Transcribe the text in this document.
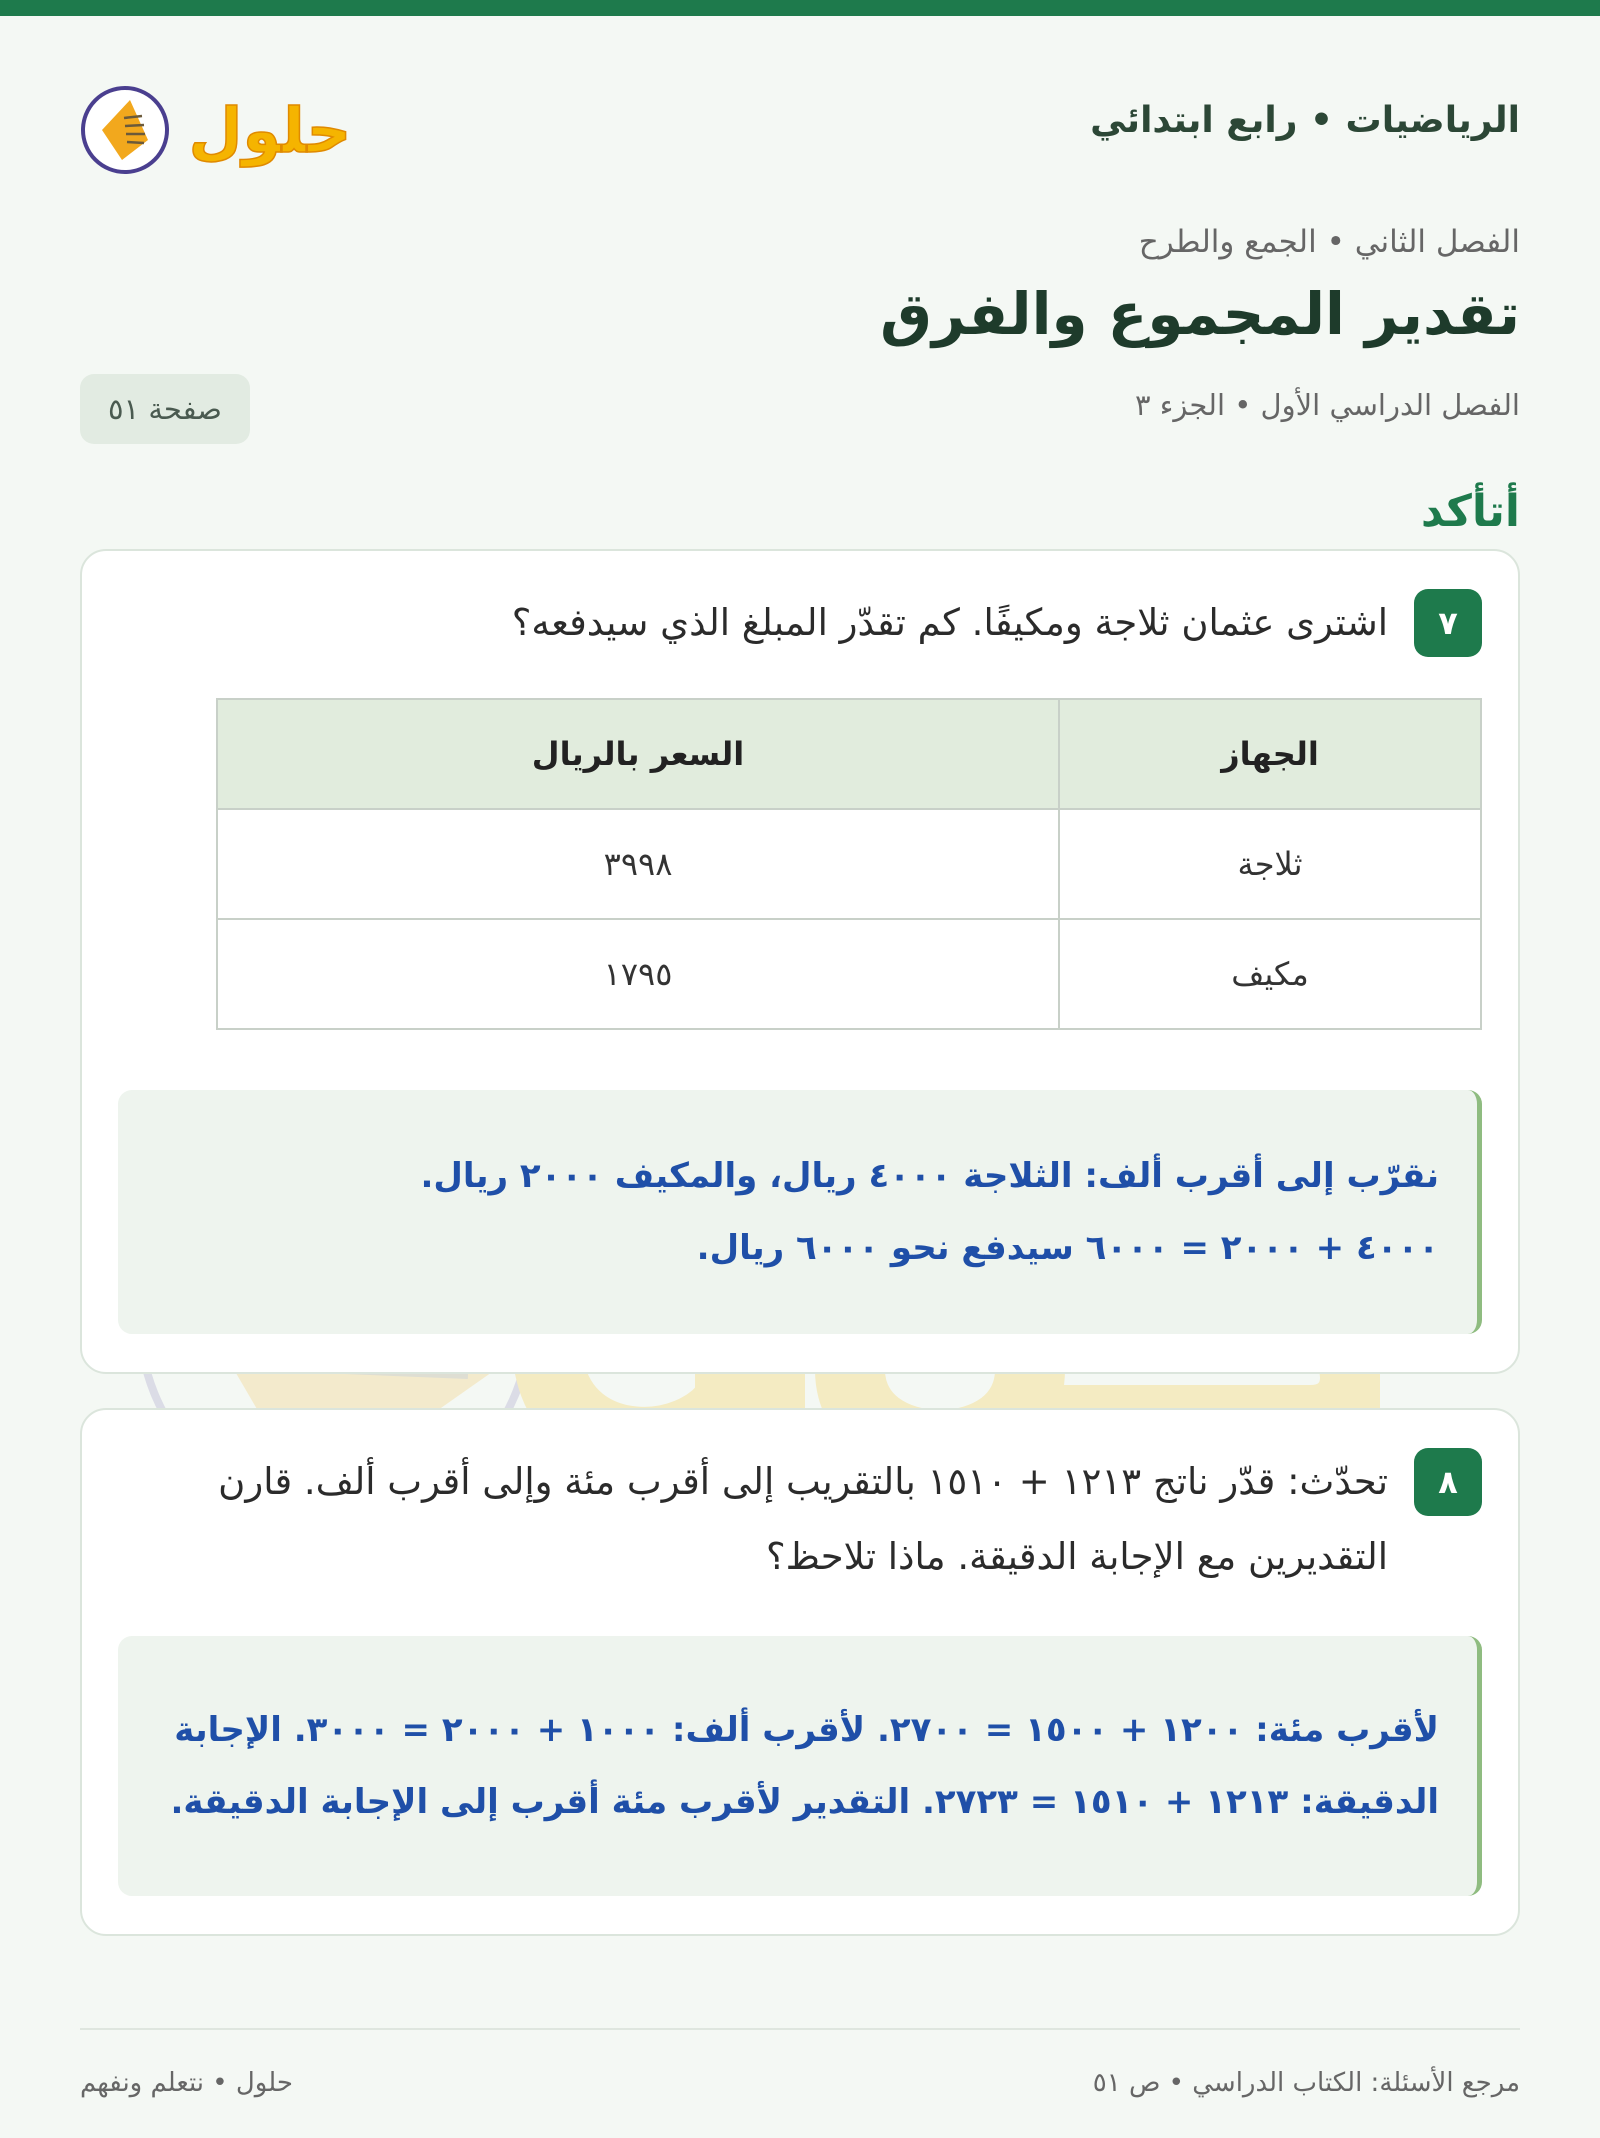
الرياضيات • رابع ابتدائي
حلول
الفصل الثاني • الجمع والطرح
تقدير المجموع والفرق
الفصل الدراسي الأول • الجزء ٣
صفحة ٥١
أتأكد
٧
اشترى عثمان ثلاجة ومكيفًا. كم تقدّر المبلغ الذي سيدفعه؟
الجهاز	السعر بالريال
ثلاجة	٣٩٩٨
مكيف	١٧٩٥
نقرّب إلى أقرب ألف: الثلاجة ٤٠٠٠ ريال، والمكيف ٢٠٠٠ ريال.
٤٠٠٠ + ٢٠٠٠ = ٦٠٠٠ سيدفع نحو ٦٠٠٠ ريال.
٨
تحدّث: قدّر ناتج ١٢١٣ + ١٥١٠ بالتقريب إلى أقرب مئة وإلى أقرب ألف. قارن التقديرين مع الإجابة الدقيقة. ماذا تلاحظ؟
لأقرب مئة: ١٢٠٠ + ١٥٠٠ = ٢٧٠٠. لأقرب ألف: ١٠٠٠ + ٢٠٠٠ = ٣٠٠٠. الإجابة الدقيقة: ١٢١٣ + ١٥١٠ = ٢٧٢٣. التقدير لأقرب مئة أقرب إلى الإجابة الدقيقة.
مرجع الأسئلة: الكتاب الدراسي • ص ٥١
حلول • نتعلم ونفهم
